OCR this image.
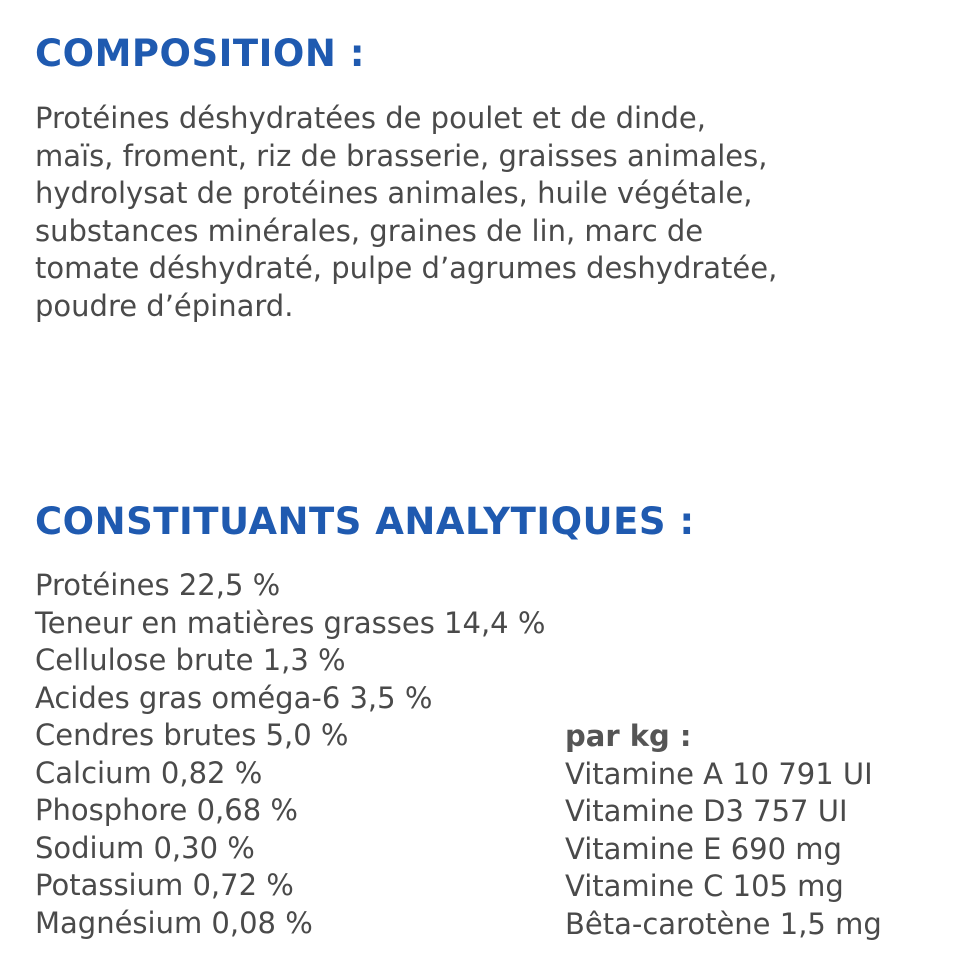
COMPOSITION :
Protéines déshydratées de poulet et de dinde,
maïs, froment, riz de brasserie, graisses animales,
hydrolysat de protéines animales, huile végétale,
substances minérales, graines de lin, marc de
tomate déshydraté, pulpe d’agrumes deshydratée,
poudre d’épinard.
CONSTITUANTS ANALYTIQUES :
Protéines 22,5 %
Teneur en matières grasses 14,4 %
Cellulose brute 1,3 %
Acides gras oméga-6 3,5 %
Cendres brutes 5,0 %
Calcium 0,82 %
Phosphore 0,68 %
Sodium 0,30 %
Potassium 0,72 %
Magnésium 0,08 %
par kg :
Vitamine A 10 791 UI
Vitamine D3 757 UI
Vitamine E 690 mg
Vitamine C 105 mg
Bêta-carotène 1,5 mg
